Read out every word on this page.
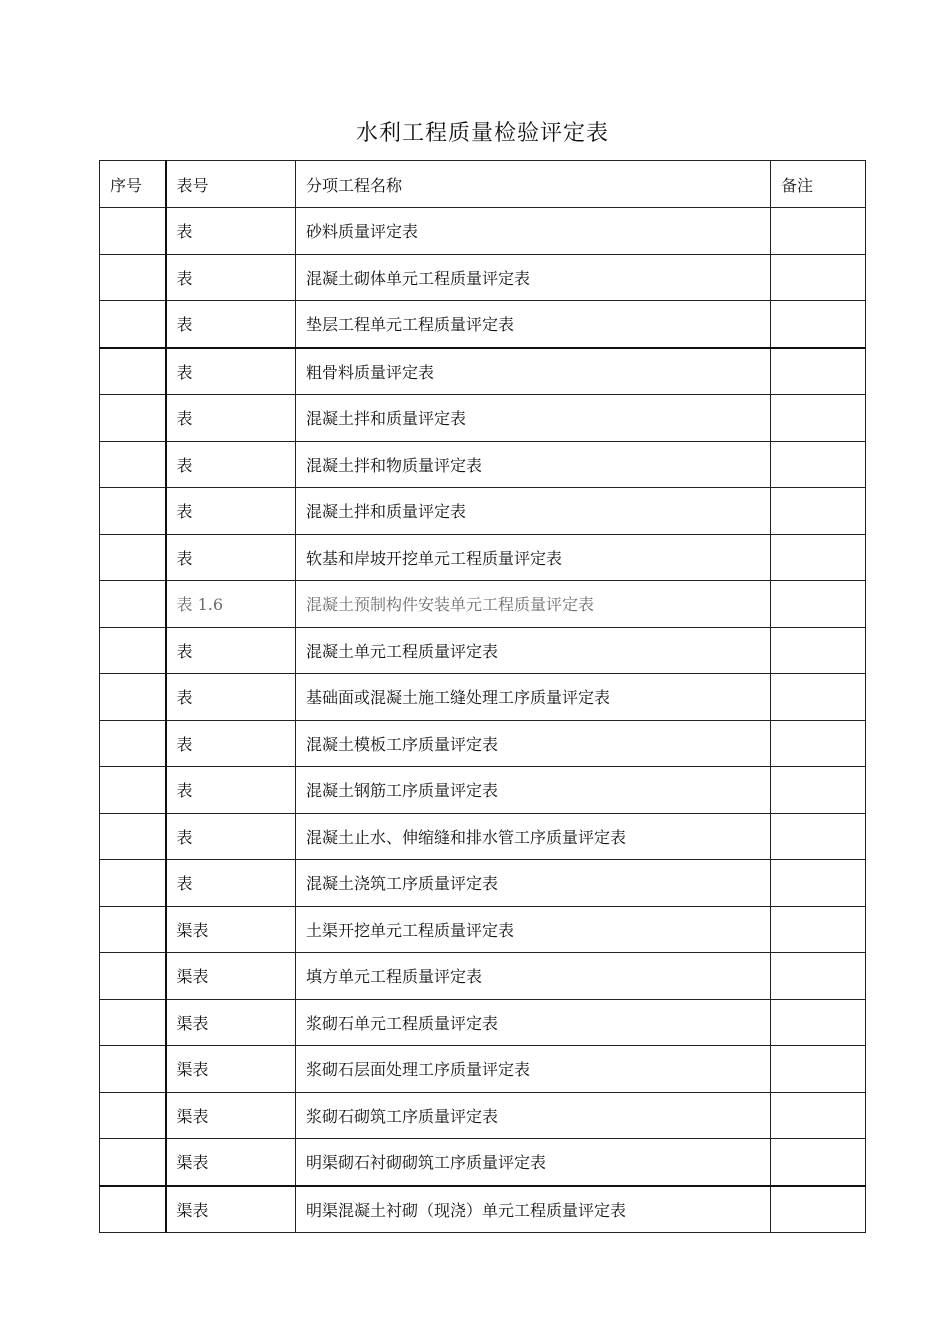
水利工程质量检验评定表
序号	表号	分项工程名称	备注
	表	砂料质量评定表	
	表	混凝土砌体单元工程质量评定表	
	表	垫层工程单元工程质量评定表	
	表	粗骨料质量评定表	
	表	混凝土拌和质量评定表	
	表	混凝土拌和物质量评定表	
	表	混凝土拌和质量评定表	
	表	软基和岸坡开挖单元工程质量评定表	
	表 1.6	混凝土预制构件安装单元工程质量评定表	
	表	混凝土单元工程质量评定表	
	表	基础面或混凝土施工缝处理工序质量评定表	
	表	混凝土模板工序质量评定表	
	表	混凝土钢筋工序质量评定表	
	表	混凝土止水、伸缩缝和排水管工序质量评定表	
	表	混凝土浇筑工序质量评定表	
	渠表	土渠开挖单元工程质量评定表	
	渠表	填方单元工程质量评定表	
	渠表	浆砌石单元工程质量评定表	
	渠表	浆砌石层面处理工序质量评定表	
	渠表	浆砌石砌筑工序质量评定表	
	渠表	明渠砌石衬砌砌筑工序质量评定表	
	渠表	明渠混凝土衬砌（现浇）单元工程质量评定表	
